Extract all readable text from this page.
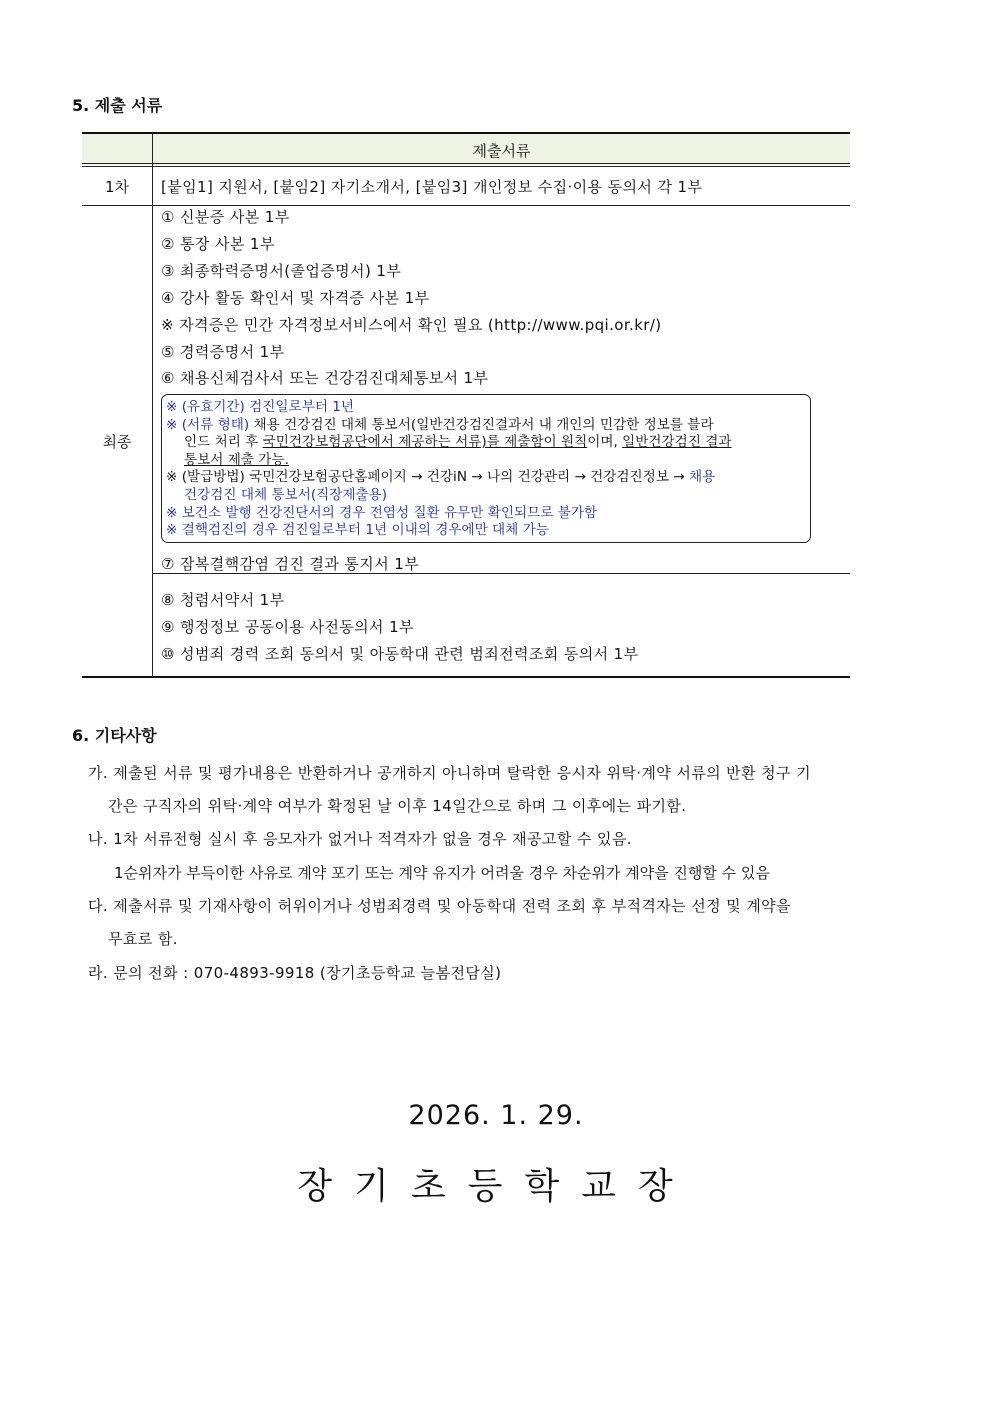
5. 제출 서류
제출서류
1차	[붙임1] 지원서, [붙임2] 자기소개서, [붙임3] 개인정보 수집·이용 동의서 각 1부
최종
① 신분증 사본 1부
② 통장 사본 1부
③ 최종학력증명서(졸업증명서) 1부
④ 강사 활동 확인서 및 자격증 사본 1부
※ 자격증은 민간 자격정보서비스에서 확인 필요 (http://www.pqi.or.kr/)
⑤ 경력증명서 1부
⑥ 채용신체검사서 또는 건강검진대체통보서 1부
※ (유효기간) 검진일로부터 1년
※ (서류 형태) 채용 건강검진 대체 통보서(일반건강검진결과서 내 개인의 민감한 정보를 블라
인드 처리 후 국민건강보험공단에서 제공하는 서류)를 제출함이 원칙이며, 일반건강검진 결과
통보서 제출 가능.
※ (발급방법) 국민건강보험공단홈페이지 → 건강iN → 나의 건강관리 → 건강검진정보 → 채용
건강검진 대체 통보서(직장제출용)
※ 보건소 발행 건강진단서의 경우 전염성 질환 유무만 확인되므로 불가함
※ 결핵검진의 경우 검진일로부터 1년 이내의 경우에만 대체 가능
⑦ 잠복결핵감염 검진 결과 통지서 1부
⑧ 청렴서약서 1부
⑨ 행정정보 공동이용 사전동의서 1부
⑩ 성범죄 경력 조회 동의서 및 아동학대 관련 범죄전력조회 동의서 1부
6. 기타사항
가. 제출된 서류 및 평가내용은 반환하거나 공개하지 아니하며 탈락한 응시자 위탁·계약 서류의 반환 청구 기
간은 구직자의 위탁·계약 여부가 확정된 날 이후 14일간으로 하며 그 이후에는 파기함.
나. 1차 서류전형 실시 후 응모자가 없거나 적격자가 없을 경우 재공고할 수 있음.
1순위자가 부득이한 사유로 계약 포기 또는 계약 유지가 어려울 경우 차순위가 계약을 진행할 수 있음
다. 제출서류 및 기재사항이 허위이거나 성범죄경력 및 아동학대 전력 조회 후 부적격자는 선정 및 계약을
무효로 함.
라. 문의 전화 : 070-4893-9918 (장기초등학교 늘봄전담실)
2026. 1. 29.
장기초등학교장
